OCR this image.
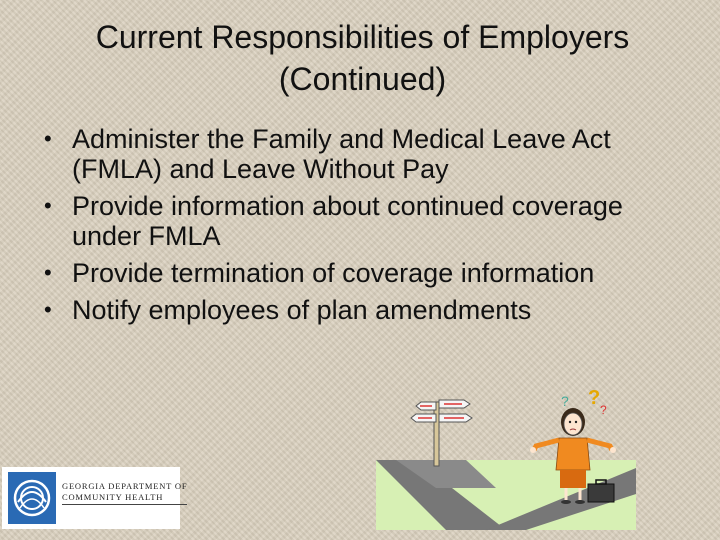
Current Responsibilities of Employers
(Continued)
• Administer the Family and Medical Leave Act (FMLA) and Leave Without Pay
• Provide information about continued coverage under FMLA
• Provide termination of coverage information
• Notify employees of plan amendments
GEORGIA DEPARTMENT OF
COMMUNITY HEALTH
? ?
?
